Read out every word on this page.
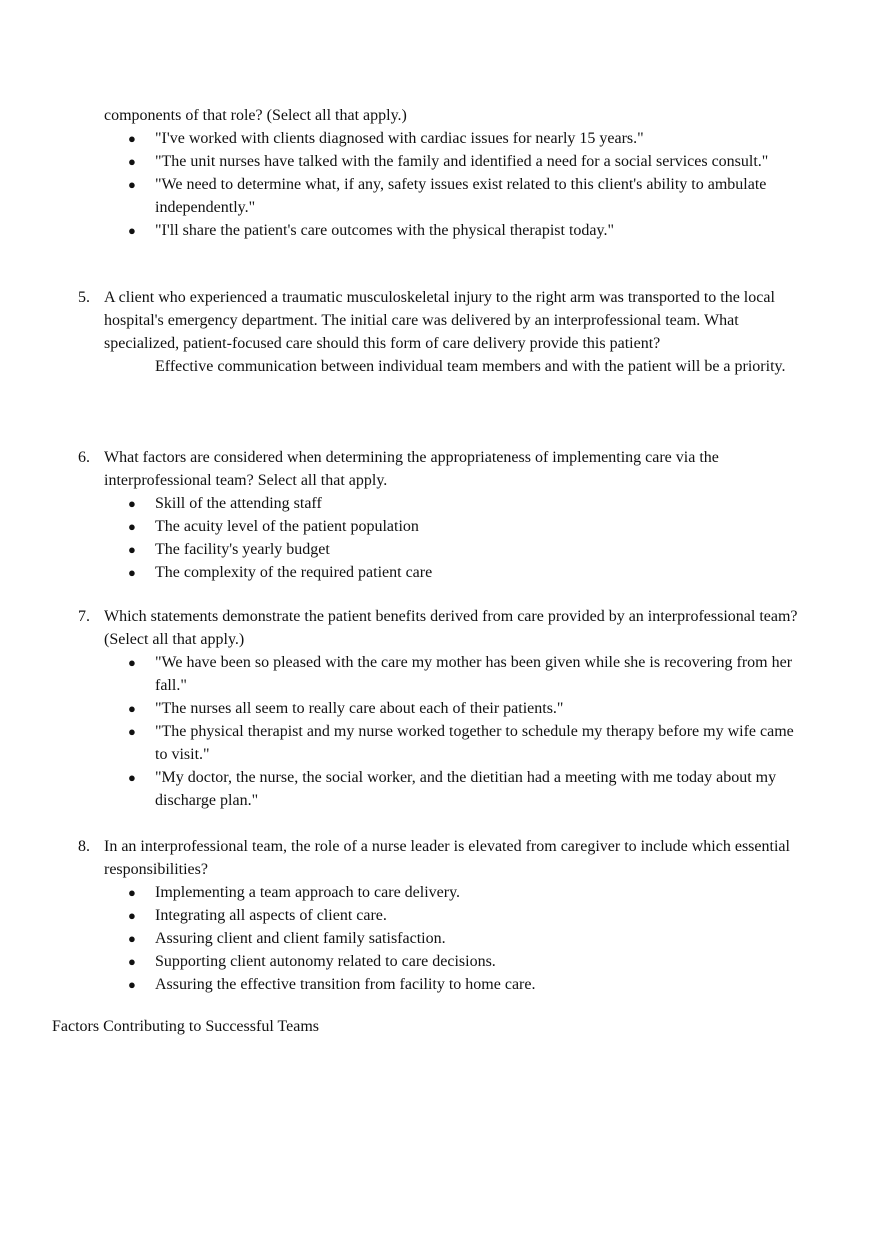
components of that role? (Select all that apply.)
● "I've worked with clients diagnosed with cardiac issues for nearly 15 years."
● "The unit nurses have talked with the family and identified a need for a social services consult."
● "We need to determine what, if any, safety issues exist related to this client's ability to ambulate independently."
● "I'll share the patient's care outcomes with the physical therapist today."
5. A client who experienced a traumatic musculoskeletal injury to the right arm was transported to the local hospital's emergency department. The initial care was delivered by an interprofessional team. What specialized, patient-focused care should this form of care delivery provide this patient?
Effective communication between individual team members and with the patient will be a priority.
6. What factors are considered when determining the appropriateness of implementing care via the interprofessional team? Select all that apply.
● Skill of the attending staff
● The acuity level of the patient population
● The facility's yearly budget
● The complexity of the required patient care
7. Which statements demonstrate the patient benefits derived from care provided by an interprofessional team? (Select all that apply.)
● "We have been so pleased with the care my mother has been given while she is recovering from her fall."
● "The nurses all seem to really care about each of their patients."
● "The physical therapist and my nurse worked together to schedule my therapy before my wife came to visit."
● "My doctor, the nurse, the social worker, and the dietitian had a meeting with me today about my discharge plan."
8. In an interprofessional team, the role of a nurse leader is elevated from caregiver to include which essential responsibilities?
● Implementing a team approach to care delivery.
● Integrating all aspects of client care.
● Assuring client and client family satisfaction.
● Supporting client autonomy related to care decisions.
● Assuring the effective transition from facility to home care.
Factors Contributing to Successful Teams
